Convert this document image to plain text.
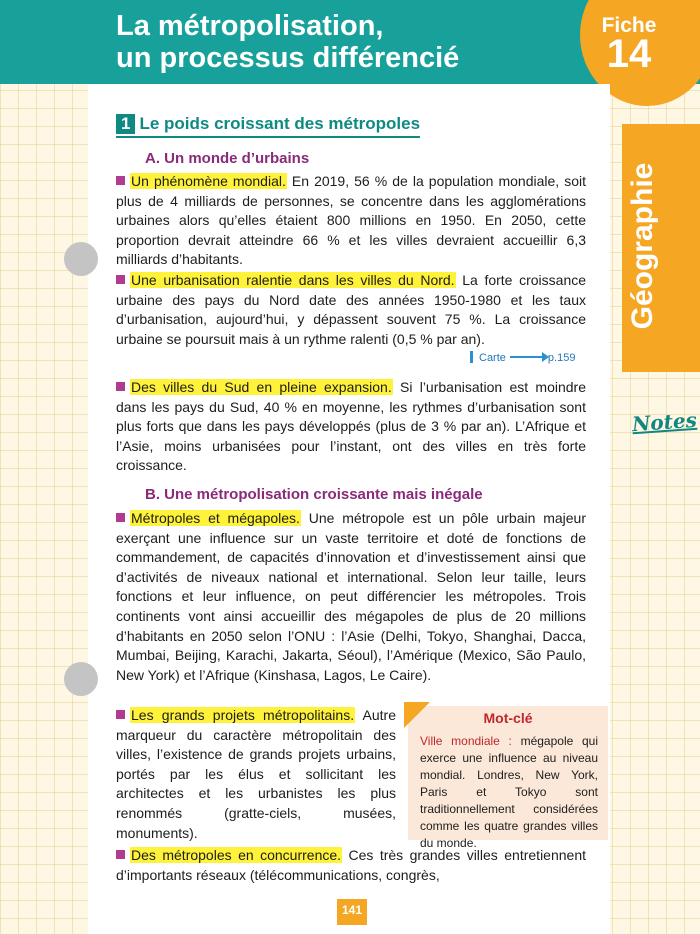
La métropolisation,
un processus différencié
Fiche
14
Géographie
Notes
1 Le poids croissant des métropoles
A. Un monde d’urbains
Un phénomène mondial. En 2019, 56 % de la population mondiale, soit plus de 4 milliards de personnes, se concentre dans les agglomérations urbaines alors qu’elles étaient 800 millions en 1950. En 2050, cette proportion devrait atteindre 66 % et les villes devraient accueillir 6,3 milliards d’habitants.
Une urbanisation ralentie dans les villes du Nord. La forte croissance urbaine des pays du Nord date des années 1950-1980 et les taux d’urbanisation, aujourd’hui, y dépassent souvent 75 %. La croissance urbaine se poursuit mais à un rythme ralenti (0,5 % par an).
Carte	p.159
Des villes du Sud en pleine expansion. Si l’urbanisation est moindre dans les pays du Sud, 40 % en moyenne, les rythmes d’urbanisation sont plus forts que dans les pays développés (plus de 3 % par an). L’Afrique et l’Asie, moins urbanisées pour l’instant, ont des villes en très forte croissance.
B. Une métropolisation croissante mais inégale
Métropoles et mégapoles. Une métropole est un pôle urbain majeur exerçant une influence sur un vaste territoire et doté de fonctions de commandement, de capacités d’innovation et d’investissement ainsi que d’activités de niveaux national et international. Selon leur taille, leurs fonctions et leur influence, on peut différencier les métropoles. Trois continents vont ainsi accueillir des mégapoles de plus de 20 millions d’habitants en 2050 selon l’ONU : l’Asie (Delhi, Tokyo, Shanghai, Dacca, Mumbai, Beijing, Karachi, Jakarta, Séoul), l’Amérique (Mexico, São Paulo, New York) et l’Afrique (Kinshasa, Lagos, Le Caire).
Les grands projets métropolitains. Autre marqueur du caractère métropolitain des villes, l’existence de grands projets urbains, portés par les élus et sollicitant les architectes et les urbanistes les plus renommés (gratte-ciels, musées, monuments).
Mot-clé
Ville mondiale : mégapole qui exerce une influence au niveau mondial. Londres, New York, Paris et Tokyo sont traditionnellement considérées comme les quatre grandes villes du monde.
Des métropoles en concurrence. Ces très grandes villes entretiennent d’importants réseaux (télécommunications, congrès,
141
